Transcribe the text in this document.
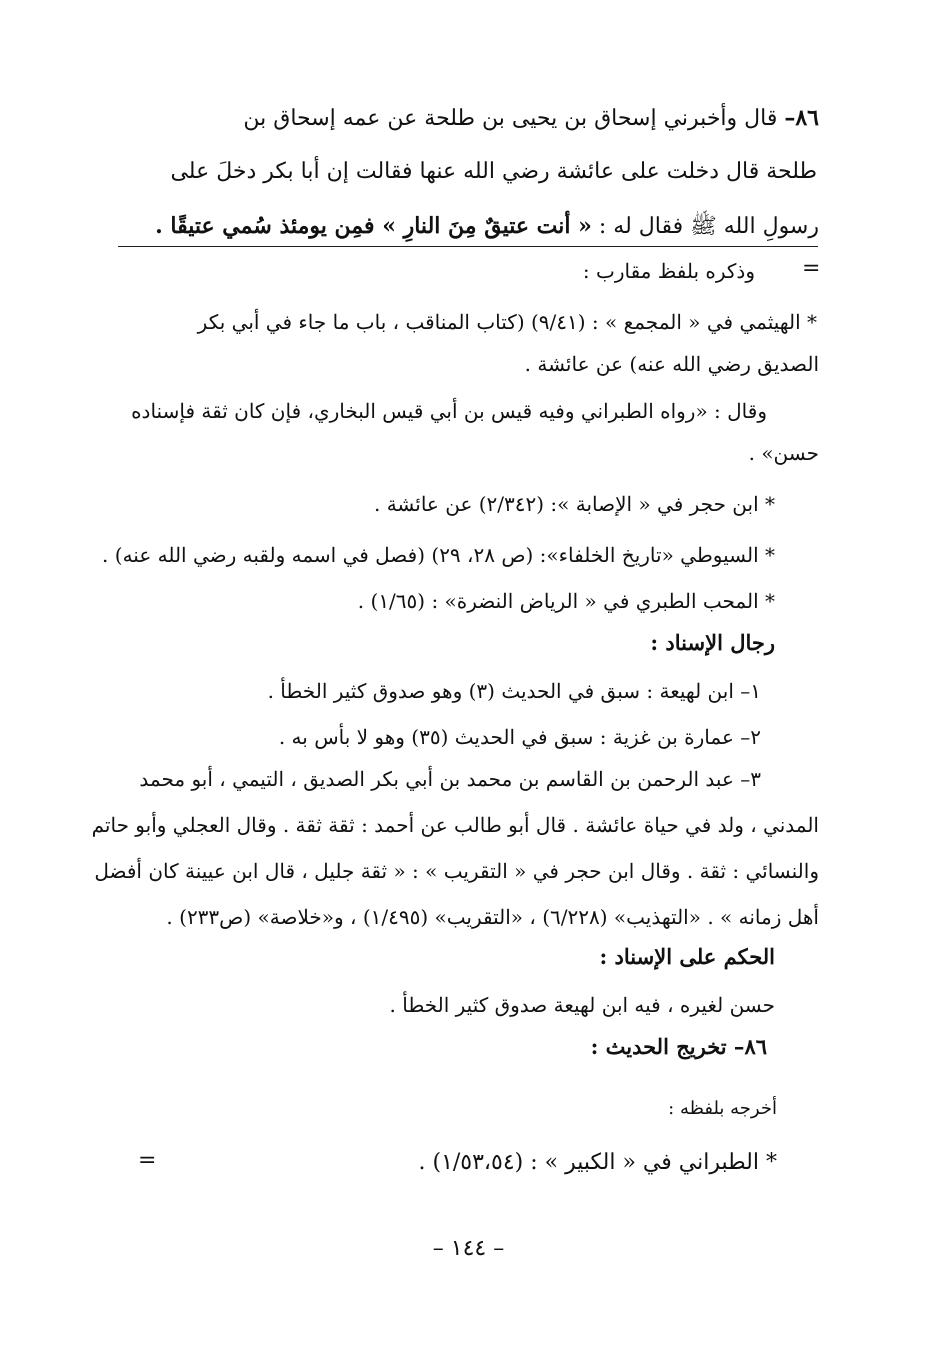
٨٦– قال وأخبرني إسحاق بن يحيى بن طلحة عن عمه إسحاق بن
طلحة قال دخلت على عائشة رضي الله عنها فقالت إن أبا بكر دخلَ على
رسولِ الله ﷺ فقال له : « أنت عتيقٌ مِنَ النارِ » فمِن يومئذ سُمي عتيقًا .
=
وذكره بلفظ مقارب :
* الهيثمي في « المجمع » : (٩/٤١) (كتاب المناقب ، باب ما جاء في أبي بكر
الصديق رضي الله عنه) عن عائشة .
وقال : «رواه الطبراني وفيه قيس بن أبي قيس البخاري، فإن كان ثقة فإسناده
حسن» .
* ابن حجر في « الإصابة »: (٢/٣٤٢) عن عائشة .
* السيوطي «تاريخ الخلفاء»: (ص ٢٨، ٢٩) (فصل في اسمه ولقبه رضي الله عنه) .
* المحب الطبري في « الرياض النضرة» : (١/٦٥) .
رجال الإسناد :
١– ابن لهيعة : سبق في الحديث (٣) وهو صدوق كثير الخطأ .
٢– عمارة بن غزية : سبق في الحديث (٣٥) وهو لا بأس به .
٣– عبد الرحمن بن القاسم بن محمد بن أبي بكر الصديق ، التيمي ، أبو محمد
المدني ، ولد في حياة عائشة . قال أبو طالب عن أحمد : ثقة ثقة . وقال العجلي وأبو حاتم
والنسائي : ثقة . وقال ابن حجر في « التقريب » : « ثقة جليل ، قال ابن عيينة كان أفضل
أهل زمانه » . «التهذيب» (٦/٢٢٨) ، «التقريب» (١/٤٩٥) ، و«خلاصة» (ص٢٣٣) .
الحكم على الإسناد :
حسن لغيره ، فيه ابن لهيعة صدوق كثير الخطأ .
٨٦– تخريج الحديث :
أخرجه بلفظه :
* الطبراني في « الكبير » : (١/٥٣،٥٤) .
=
– ١٤٤ –
